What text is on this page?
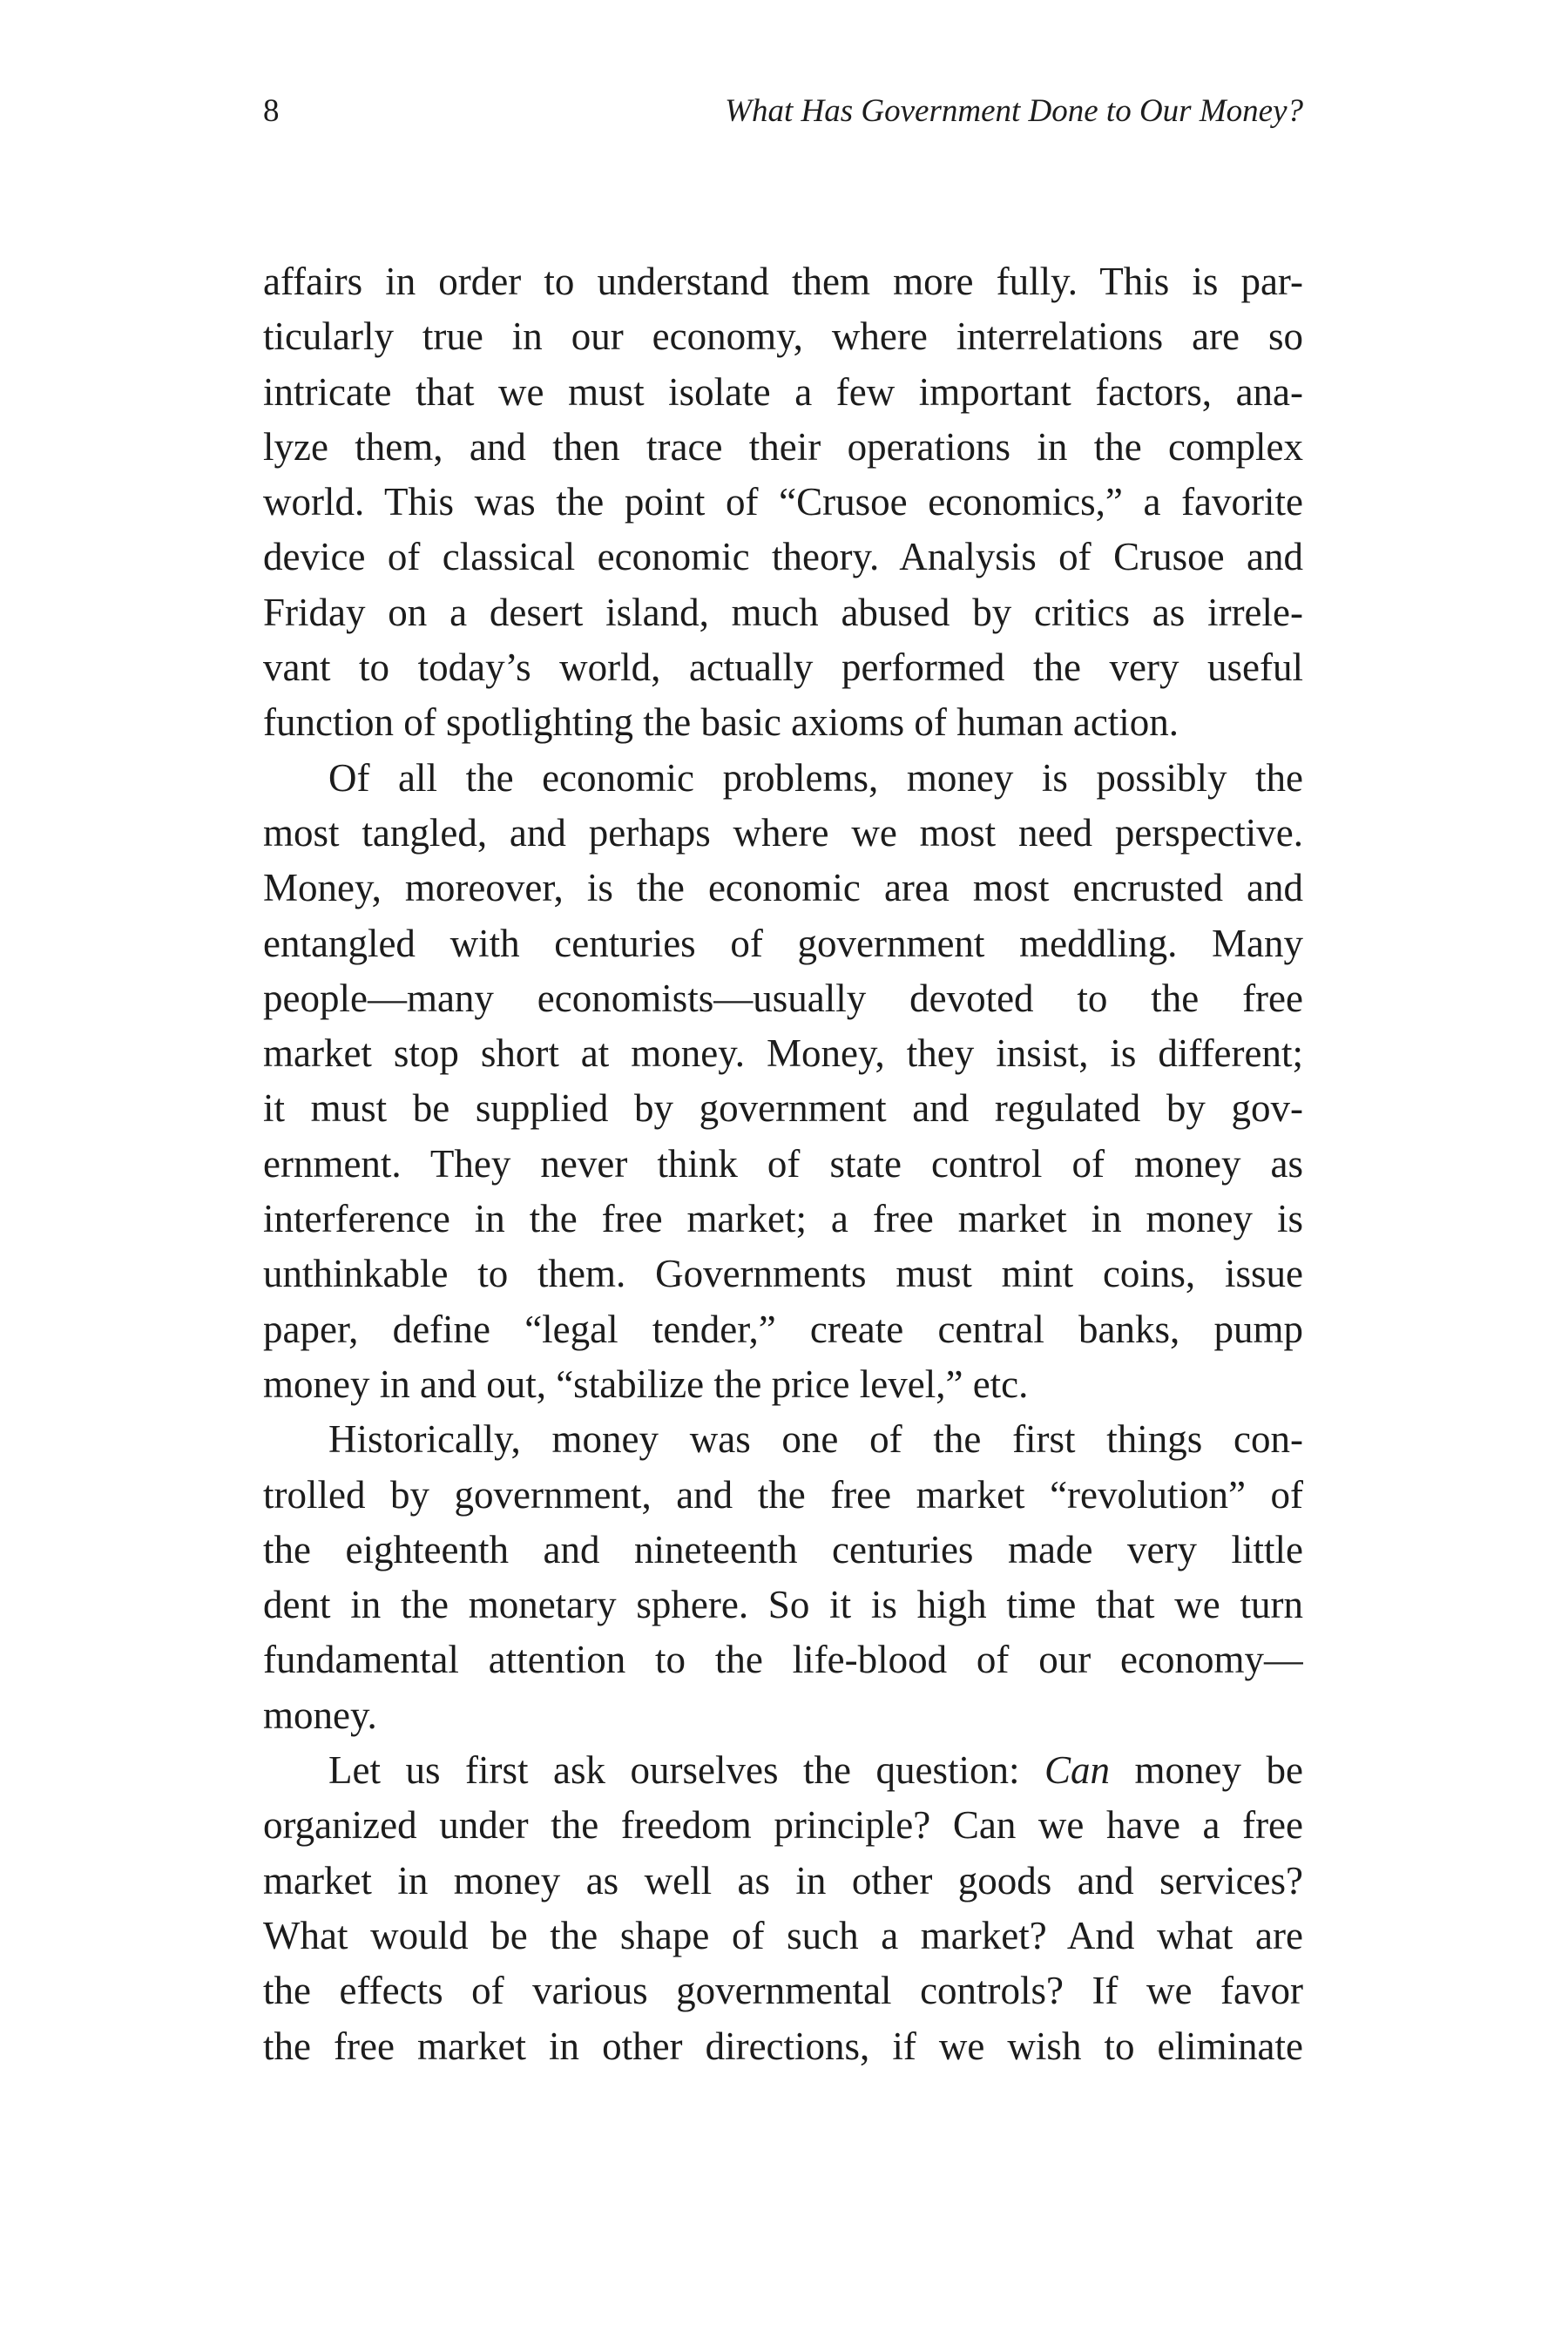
8	What Has Government Done to Our Money?
affairs in order to understand them more fully. This is par-
ticularly true in our economy, where interrelations are so
intricate that we must isolate a few important factors, ana-
lyze them, and then trace their operations in the complex
world. This was the point of “Crusoe economics,” a favorite
device of classical economic theory. Analysis of Crusoe and
Friday on a desert island, much abused by critics as irrele-
vant to today’s world, actually performed the very useful
function of spotlighting the basic axioms of human action.
Of all the economic problems, money is possibly the
most tangled, and perhaps where we most need perspective.
Money, moreover, is the economic area most encrusted and
entangled with centuries of government meddling. Many
people—many economists—usually devoted to the free
market stop short at money. Money, they insist, is different;
it must be supplied by government and regulated by gov-
ernment. They never think of state control of money as
interference in the free market; a free market in money is
unthinkable to them. Governments must mint coins, issue
paper, define “legal tender,” create central banks, pump
money in and out, “stabilize the price level,” etc.
Historically, money was one of the first things con-
trolled by government, and the free market “revolution” of
the eighteenth and nineteenth centuries made very little
dent in the monetary sphere. So it is high time that we turn
fundamental attention to the life-blood of our economy—
money.
Let us first ask ourselves the question: Can money be
organized under the freedom principle? Can we have a free
market in money as well as in other goods and services?
What would be the shape of such a market? And what are
the effects of various governmental controls? If we favor
the free market in other directions, if we wish to eliminate
